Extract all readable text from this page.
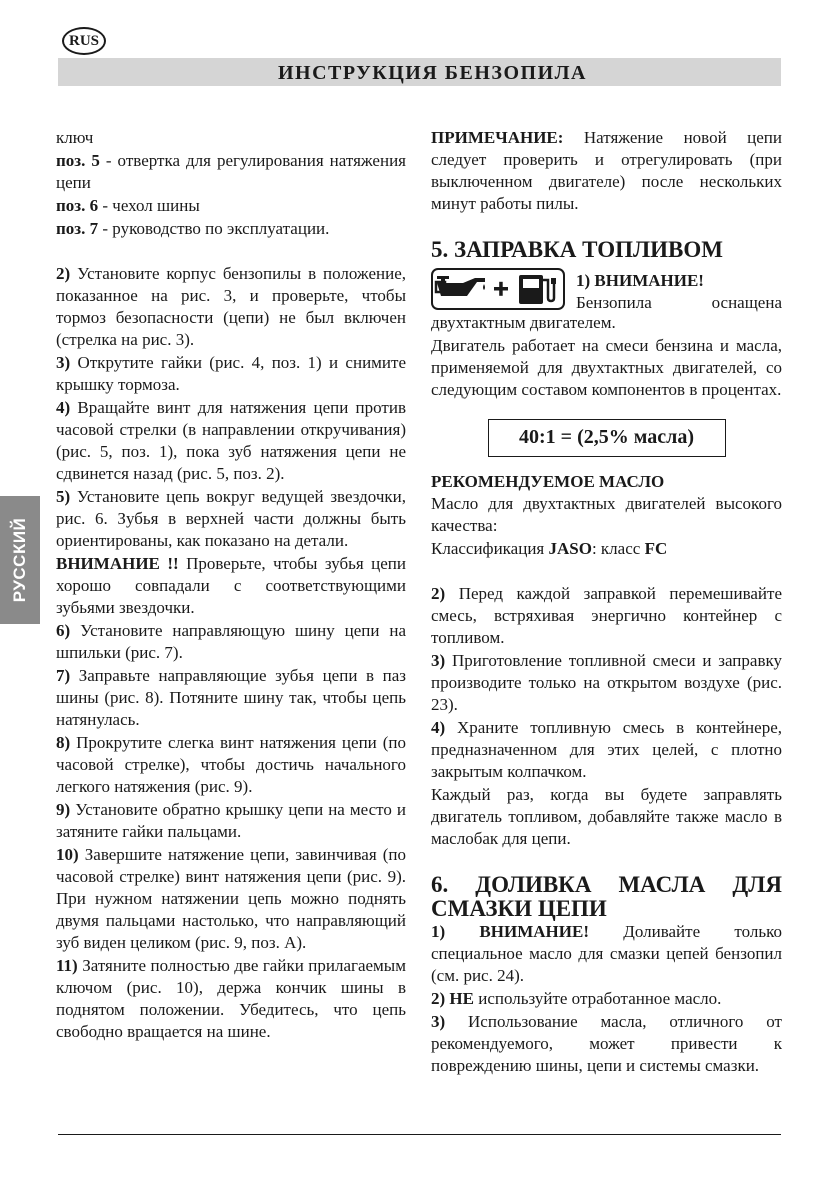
RUS
ИНСТРУКЦИЯ БЕНЗОПИЛА
РУССКИЙ
ключ
поз. 5 - отвертка для регулирования натяжения цепи
поз. 6 - чехол шины
поз. 7 - руководство по эксплуатации.
2) Установите корпус бензопилы в положение, показанное на рис. 3, и проверьте, чтобы тормоз безопасности (цепи) не был включен (стрелка на рис. 3).
3) Открутите гайки (рис. 4, поз. 1) и снимите крышку тормоза.
4) Вращайте винт для натяжения цепи против часовой стрелки (в направлении откручивания) (рис. 5, поз. 1), пока зуб натяжения цепи не сдвинется назад (рис. 5, поз. 2).
5) Установите цепь вокруг ведущей звездочки, рис. 6. Зубья в верхней части должны быть ориентированы, как показано на детали.
ВНИМАНИЕ !! Проверьте, чтобы зубья цепи хорошо совпадали с соответствующими зубьями звездочки.
6) Установите направляющую шину цепи на шпильки (рис. 7).
7) Заправьте направляющие зубья цепи в паз шины (рис. 8). Потяните шину так, чтобы цепь натянулась.
8) Прокрутите слегка винт натяжения цепи (по часовой стрелке), чтобы достичь начального легкого натяжения (рис. 9).
9) Установите обратно крышку цепи на место и затяните гайки пальцами.
10) Завершите натяжение цепи, завинчивая (по часовой стрелке) винт натяжения цепи (рис. 9). При нужном натяжении цепь можно поднять двумя пальцами настолько, что направляющий зуб виден целиком (рис. 9, поз. А).
11) Затяните полностью две гайки прилагаемым ключом (рис. 10), держа кончик шины в поднятом положении. Убедитесь, что цепь свободно вращается на шине.
ПРИМЕЧАНИЕ: Натяжение новой цепи следует проверить и отрегулировать (при выключенном двигателе) после нескольких минут работы пилы.
5. ЗАПРАВКА ТОПЛИВОМ
1) ВНИМАНИЕ!
Бензопила оснащена
двухтактным двигателем.
Двигатель работает на смеси бензина и масла, применяемой для двухтактных двигателей, со следующим составом компонентов в процентах.
40:1 = (2,5% масла)
РЕКОМЕНДУЕМОЕ МАСЛО
Масло для двухтактных двигателей высокого качества:
Классификация JASO: класс FC
2) Перед каждой заправкой перемешивайте смесь, встряхивая энергично контейнер с топливом.
3) Приготовление топливной смеси и заправку производите только на открытом воздухе (рис. 23).
4) Храните топливную смесь в контейнере, предназначенном для этих целей, с плотно закрытым колпачком.
Каждый раз, когда вы будете заправлять двигатель топливом, добавляйте также масло в маслобак для цепи.
6. ДОЛИВКА МАСЛА ДЛЯ СМАЗКИ ЦЕПИ
1) ВНИМАНИЕ! Доливайте только специальное масло для смазки цепей бензопил (см. рис. 24).
2) НЕ используйте отработанное масло.
3) Использование масла, отличного от рекомендуемого, может привести к повреждению шины, цепи и системы смазки.
